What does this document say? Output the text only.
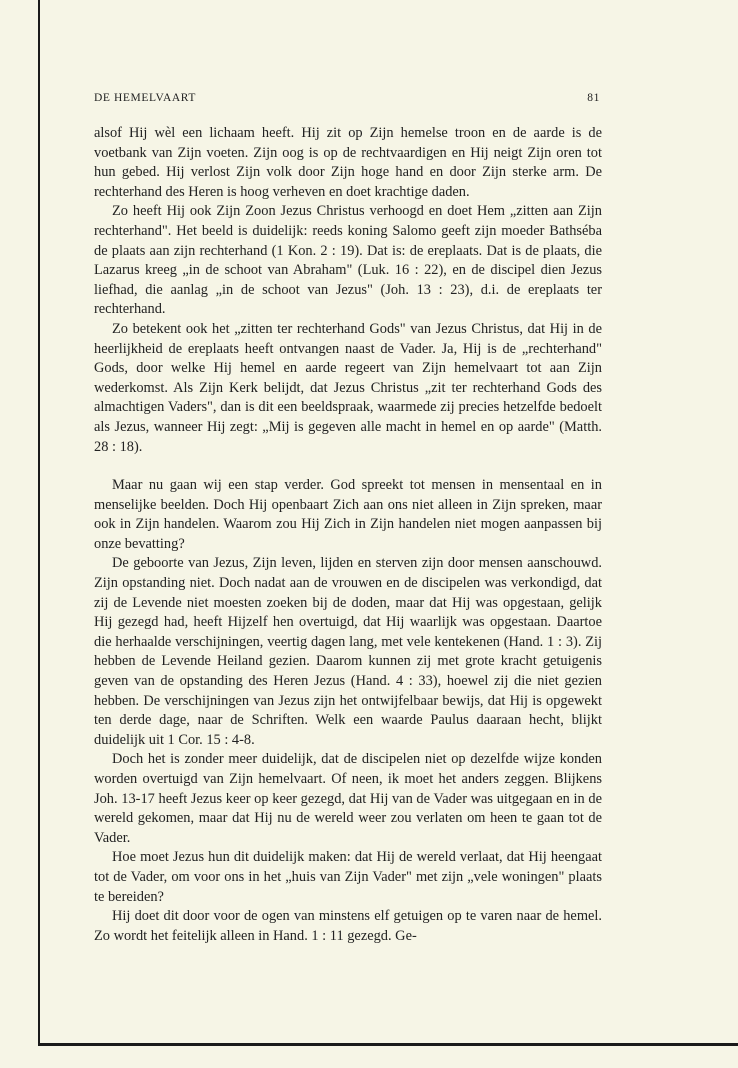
DE HEMELVAART	81

alsof Hij wèl een lichaam heeft. Hij zit op Zijn hemelse troon en de aarde is de voetbank van Zijn voeten. Zijn oog is op de rechtvaardigen en Hij neigt Zijn oren tot hun gebed. Hij verlost Zijn volk door Zijn hoge hand en door Zijn sterke arm. De rechterhand des Heren is hoog verheven en doet krachtige daden.

Zo heeft Hij ook Zijn Zoon Jezus Christus verhoogd en doet Hem „zitten aan Zijn rechterhand". Het beeld is duidelijk: reeds koning Salomo geeft zijn moeder Bathséba de plaats aan zijn rechterhand (1 Kon. 2 : 19). Dat is: de ereplaats. Dat is de plaats, die Lazarus kreeg „in de schoot van Abraham" (Luk. 16 : 22), en de discipel dien Jezus liefhad, die aanlag „in de schoot van Jezus" (Joh. 13 : 23), d.i. de ereplaats ter rechterhand.

Zo betekent ook het „zitten ter rechterhand Gods" van Jezus Christus, dat Hij in de heerlijkheid de ereplaats heeft ontvangen naast de Vader. Ja, Hij is de „rechterhand" Gods, door welke Hij hemel en aarde regeert van Zijn hemelvaart tot aan Zijn wederkomst. Als Zijn Kerk belijdt, dat Jezus Christus „zit ter rechterhand Gods des almachtigen Vaders", dan is dit een beeldspraak, waarmede zij precies hetzelfde bedoelt als Jezus, wanneer Hij zegt: „Mij is gegeven alle macht in hemel en op aarde" (Matth. 28 : 18).

Maar nu gaan wij een stap verder. God spreekt tot mensen in mensentaal en in menselijke beelden. Doch Hij openbaart Zich aan ons niet alleen in Zijn spreken, maar ook in Zijn handelen. Waarom zou Hij Zich in Zijn handelen niet mogen aanpassen bij onze bevatting?

De geboorte van Jezus, Zijn leven, lijden en sterven zijn door mensen aanschouwd. Zijn opstanding niet. Doch nadat aan de vrouwen en de discipelen was verkondigd, dat zij de Levende niet moesten zoeken bij de doden, maar dat Hij was opgestaan, gelijk Hij gezegd had, heeft Hijzelf hen overtuigd, dat Hij waarlijk was opgestaan. Daartoe die herhaalde verschijningen, veertig dagen lang, met vele kentekenen (Hand. 1 : 3). Zij hebben de Levende Heiland gezien. Daarom kunnen zij met grote kracht getuigenis geven van de opstanding des Heren Jezus (Hand. 4 : 33), hoewel zij die niet gezien hebben. De verschijningen van Jezus zijn het ontwijfelbaar bewijs, dat Hij is opgewekt ten derde dage, naar de Schriften. Welk een waarde Paulus daaraan hecht, blijkt duidelijk uit 1 Cor. 15 : 4-8.

Doch het is zonder meer duidelijk, dat de discipelen niet op dezelfde wijze konden worden overtuigd van Zijn hemelvaart. Of neen, ik moet het anders zeggen. Blijkens Joh. 13-17 heeft Jezus keer op keer gezegd, dat Hij van de Vader was uitgegaan en in de wereld gekomen, maar dat Hij nu de wereld weer zou verlaten om heen te gaan tot de Vader.

Hoe moet Jezus hun dit duidelijk maken: dat Hij de wereld verlaat, dat Hij heengaat tot de Vader, om voor ons in het „huis van Zijn Vader" met zijn „vele woningen" plaats te bereiden?

Hij doet dit door voor de ogen van minstens elf getuigen op te varen naar de hemel. Zo wordt het feitelijk alleen in Hand. 1 : 11 gezegd. Ge-
